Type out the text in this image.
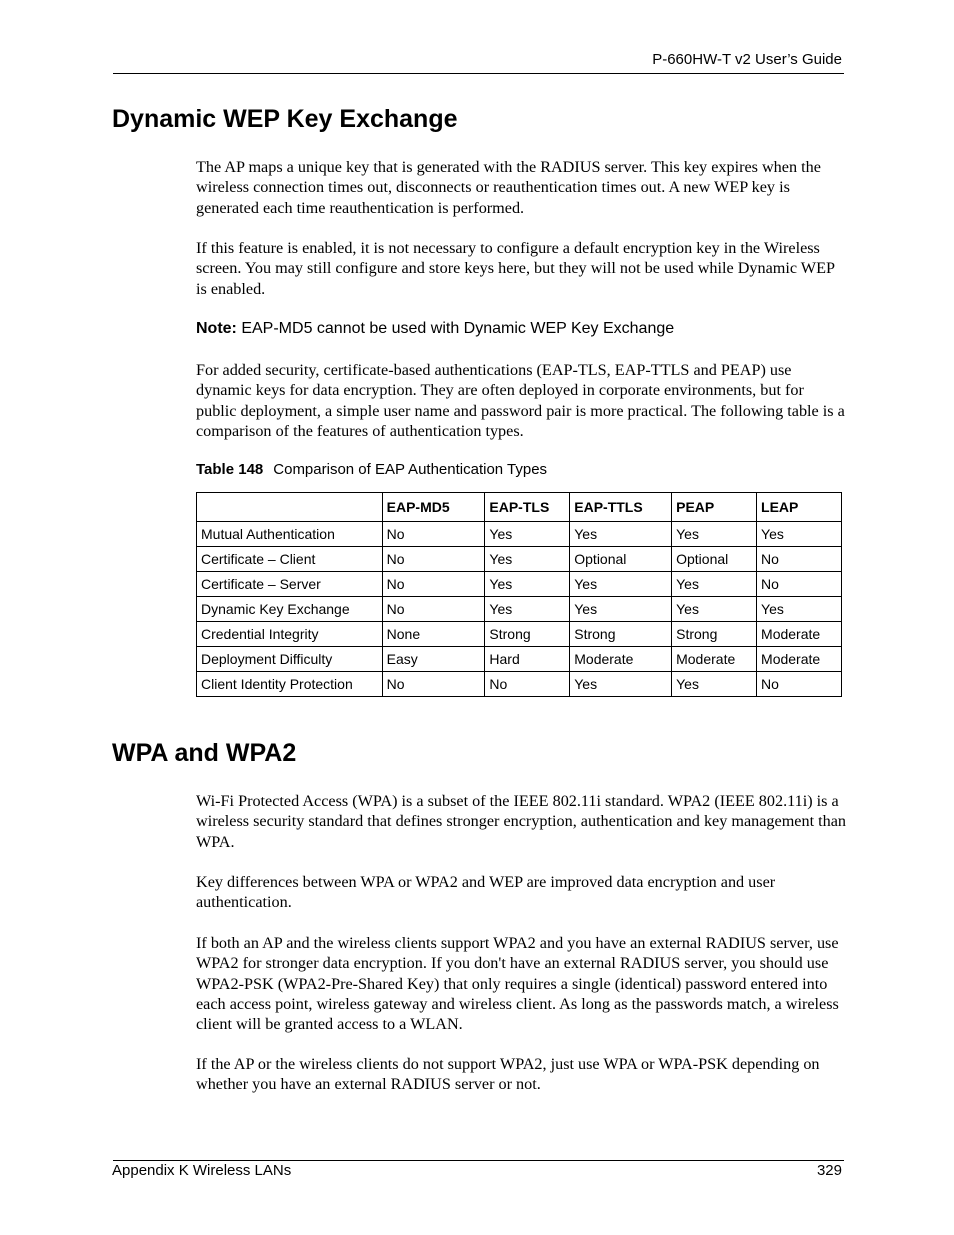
P-660HW-T v2 User’s Guide
Dynamic WEP Key Exchange

The AP maps a unique key that is generated with the RADIUS server. This key expires when the wireless connection times out, disconnects or reauthentication times out. A new WEP key is generated each time reauthentication is performed.

If this feature is enabled, it is not necessary to configure a default encryption key in the Wireless screen. You may still configure and store keys here, but they will not be used while Dynamic WEP is enabled.

Note: EAP-MD5 cannot be used with Dynamic WEP Key Exchange

For added security, certificate-based authentications (EAP-TLS, EAP-TTLS and PEAP) use dynamic keys for data encryption. They are often deployed in corporate environments, but for public deployment, a simple user name and password pair is more practical. The following table is a comparison of the features of authentication types.

Table 148 Comparison of EAP Authentication Types
	EAP-MD5	EAP-TLS	EAP-TTLS	PEAP	LEAP
Mutual Authentication	No	Yes	Yes	Yes	Yes
Certificate – Client	No	Yes	Optional	Optional	No
Certificate – Server	No	Yes	Yes	Yes	No
Dynamic Key Exchange	No	Yes	Yes	Yes	Yes
Credential Integrity	None	Strong	Strong	Strong	Moderate
Deployment Difficulty	Easy	Hard	Moderate	Moderate	Moderate
Client Identity Protection	No	No	Yes	Yes	No
WPA and WPA2

Wi-Fi Protected Access (WPA) is a subset of the IEEE 802.11i standard. WPA2 (IEEE 802.11i) is a wireless security standard that defines stronger encryption, authentication and key management than WPA.

Key differences between WPA or WPA2 and WEP are improved data encryption and user authentication.

If both an AP and the wireless clients support WPA2 and you have an external RADIUS server, use WPA2 for stronger data encryption. If you don't have an external RADIUS server, you should use WPA2-PSK (WPA2-Pre-Shared Key) that only requires a single (identical) password entered into each access point, wireless gateway and wireless client. As long as the passwords match, a wireless client will be granted access to a WLAN.

If the AP or the wireless clients do not support WPA2, just use WPA or WPA-PSK depending on whether you have an external RADIUS server or not.

Appendix K Wireless LANs	329
